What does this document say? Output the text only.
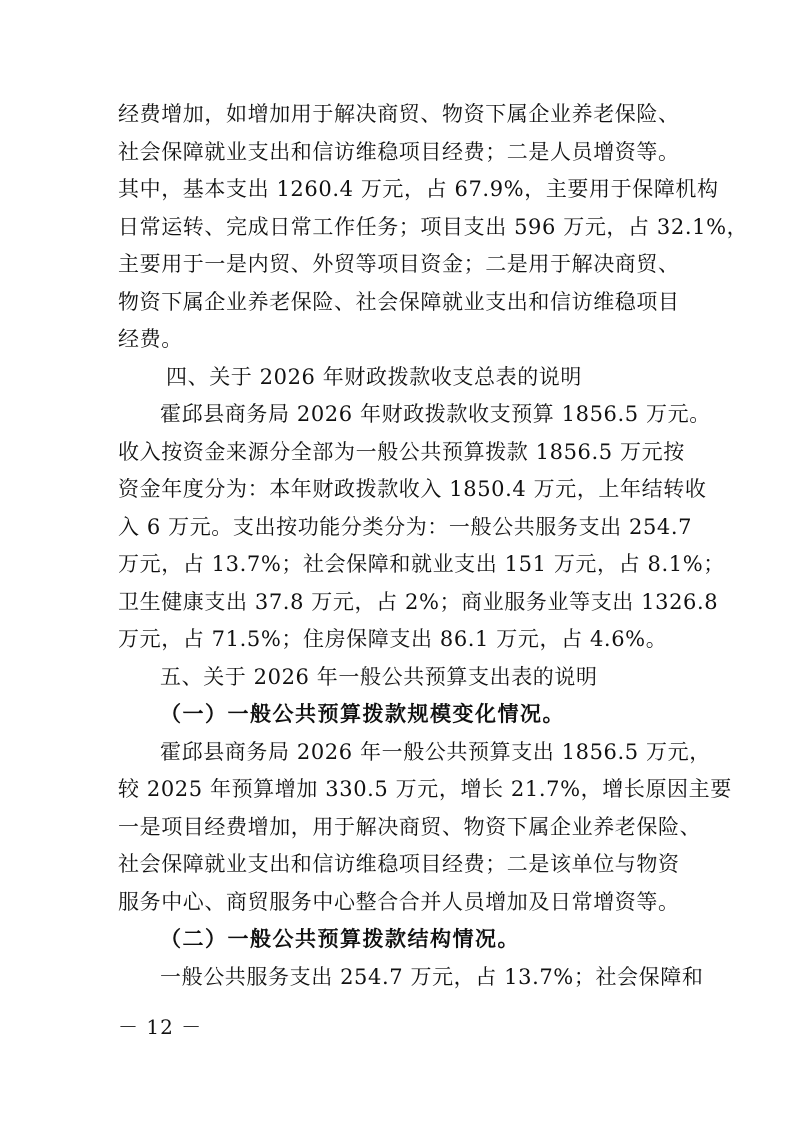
经费增加，如增加用于解决商贸、物资下属企业养老保险、
社会保障就业支出和信访维稳项目经费；二是人员增资等。
其中，基本支出 1260.4 万元，占 67.9%，主要用于保障机构
日常运转、完成日常工作任务；项目支出 596 万元，占 32.1%，
主要用于一是内贸、外贸等项目资金；二是用于解决商贸、
物资下属企业养老保险、社会保障就业支出和信访维稳项目
经费。
四、关于 2026 年财政拨款收支总表的说明
霍邱县商务局 2026 年财政拨款收支预算 1856.5 万元。
收入按资金来源分全部为一般公共预算拨款 1856.5 万元按
资金年度分为：本年财政拨款收入 1850.4 万元，上年结转收
入 6 万元。支出按功能分类分为：一般公共服务支出 254.7
万元，占 13.7%；社会保障和就业支出 151 万元，占 8.1%；
卫生健康支出 37.8 万元，占 2%；商业服务业等支出 1326.8
万元，占 71.5%；住房保障支出 86.1 万元，占 4.6%。
五、关于 2026 年一般公共预算支出表的说明
（一）一般公共预算拨款规模变化情况。
霍邱县商务局 2026 年一般公共预算支出 1856.5 万元，
较 2025 年预算增加 330.5 万元，增长 21.7%，增长原因主要
一是项目经费增加，用于解决商贸、物资下属企业养老保险、
社会保障就业支出和信访维稳项目经费；二是该单位与物资
服务中心、商贸服务中心整合合并人员增加及日常增资等。
（二）一般公共预算拨款结构情况。
一般公共服务支出 254.7 万元，占 13.7%；社会保障和
－ 12 －
